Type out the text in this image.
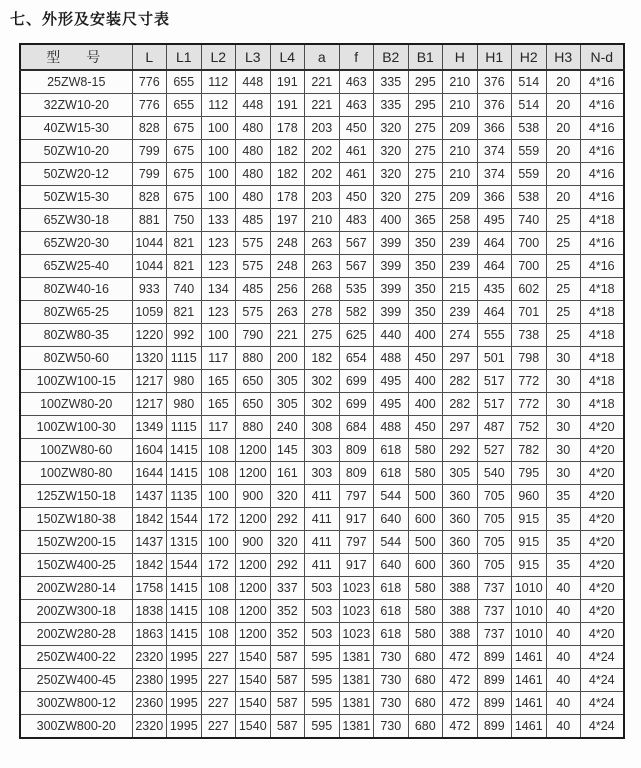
七、外形及安装尺寸表
型　号	L	L1	L2	L3	L4	a	f	B2	B1	H	H1	H2	H3	N-d
25ZW8-15	776	655	112	448	191	221	463	335	295	210	376	514	20	4*16
32ZW10-20	776	655	112	448	191	221	463	335	295	210	376	514	20	4*16
40ZW15-30	828	675	100	480	178	203	450	320	275	209	366	538	20	4*16
50ZW10-20	799	675	100	480	182	202	461	320	275	210	374	559	20	4*16
50ZW20-12	799	675	100	480	182	202	461	320	275	210	374	559	20	4*16
50ZW15-30	828	675	100	480	178	203	450	320	275	209	366	538	20	4*16
65ZW30-18	881	750	133	485	197	210	483	400	365	258	495	740	25	4*18
65ZW20-30	1044	821	123	575	248	263	567	399	350	239	464	700	25	4*16
65ZW25-40	1044	821	123	575	248	263	567	399	350	239	464	700	25	4*16
80ZW40-16	933	740	134	485	256	268	535	399	350	215	435	602	25	4*18
80ZW65-25	1059	821	123	575	263	278	582	399	350	239	464	701	25	4*18
80ZW80-35	1220	992	100	790	221	275	625	440	400	274	555	738	25	4*18
80ZW50-60	1320	1115	117	880	200	182	654	488	450	297	501	798	30	4*18
100ZW100-15	1217	980	165	650	305	302	699	495	400	282	517	772	30	4*18
100ZW80-20	1217	980	165	650	305	302	699	495	400	282	517	772	30	4*18
100ZW100-30	1349	1115	117	880	240	308	684	488	450	297	487	752	30	4*20
100ZW80-60	1604	1415	108	1200	145	303	809	618	580	292	527	782	30	4*20
100ZW80-80	1644	1415	108	1200	161	303	809	618	580	305	540	795	30	4*20
125ZW150-18	1437	1135	100	900	320	411	797	544	500	360	705	960	35	4*20
150ZW180-38	1842	1544	172	1200	292	411	917	640	600	360	705	915	35	4*20
150ZW200-15	1437	1315	100	900	320	411	797	544	500	360	705	915	35	4*20
150ZW400-25	1842	1544	172	1200	292	411	917	640	600	360	705	915	35	4*20
200ZW280-14	1758	1415	108	1200	337	503	1023	618	580	388	737	1010	40	4*20
200ZW300-18	1838	1415	108	1200	352	503	1023	618	580	388	737	1010	40	4*20
200ZW280-28	1863	1415	108	1200	352	503	1023	618	580	388	737	1010	40	4*20
250ZW400-22	2320	1995	227	1540	587	595	1381	730	680	472	899	1461	40	4*24
250ZW400-45	2380	1995	227	1540	587	595	1381	730	680	472	899	1461	40	4*24
300ZW800-12	2360	1995	227	1540	587	595	1381	730	680	472	899	1461	40	4*24
300ZW800-20	2320	1995	227	1540	587	595	1381	730	680	472	899	1461	40	4*24
